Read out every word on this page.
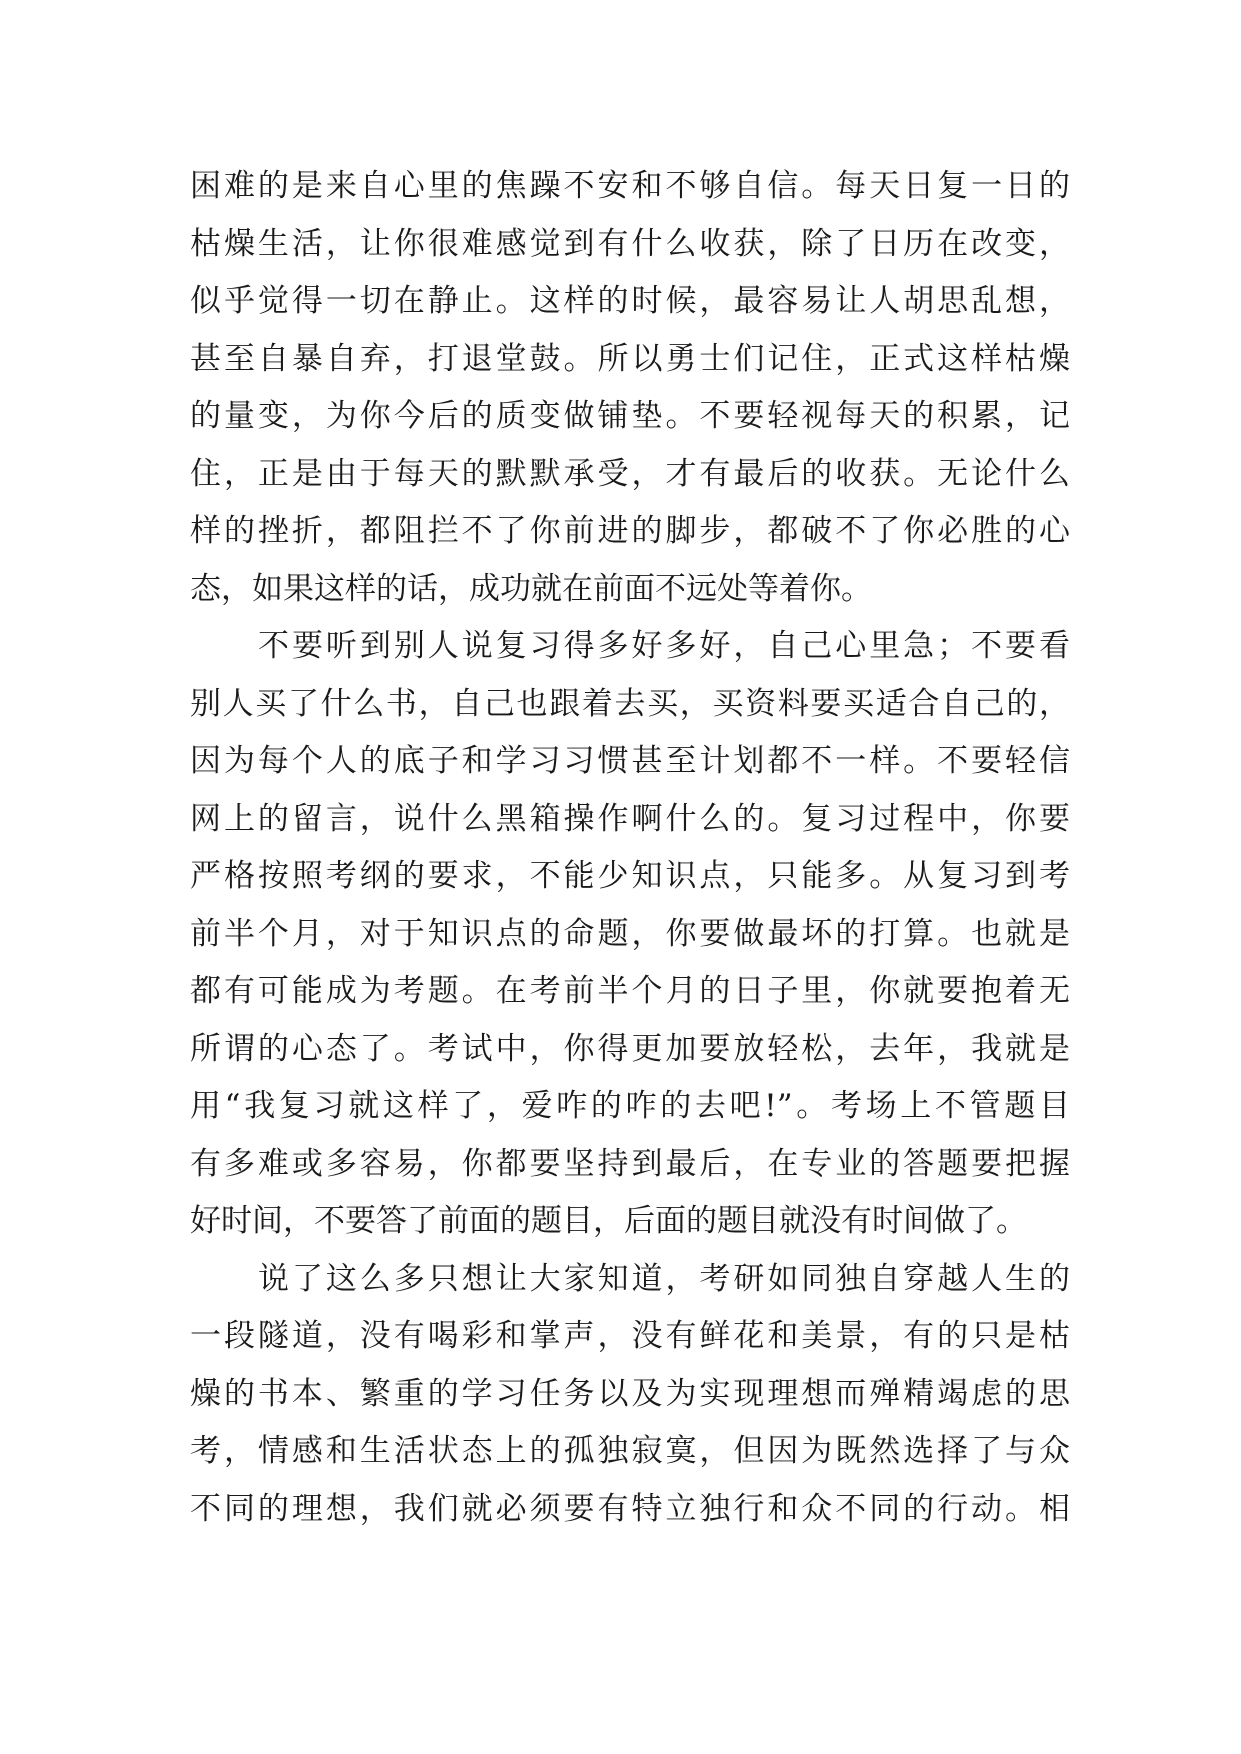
困难的是来自心里的焦躁不安和不够自信。每天日复一日的
枯燥生活，让你很难感觉到有什么收获，除了日历在改变，
似乎觉得一切在静止。这样的时候，最容易让人胡思乱想，
甚至自暴自弃，打退堂鼓。所以勇士们记住，正式这样枯燥
的量变，为你今后的质变做铺垫。不要轻视每天的积累，记
住，正是由于每天的默默承受，才有最后的收获。无论什么
样的挫折，都阻拦不了你前进的脚步，都破不了你必胜的心
态，如果这样的话，成功就在前面不远处等着你。
不要听到别人说复习得多好多好，自己心里急；不要看
别人买了什么书，自己也跟着去买，买资料要买适合自己的，
因为每个人的底子和学习习惯甚至计划都不一样。不要轻信
网上的留言，说什么黑箱操作啊什么的。复习过程中，你要
严格按照考纲的要求，不能少知识点，只能多。从复习到考
前半个月，对于知识点的命题，你要做最坏的打算。也就是
都有可能成为考题。在考前半个月的日子里，你就要抱着无
所谓的心态了。考试中，你得更加要放轻松，去年，我就是
用“我复习就这样了，爱咋的咋的去吧!”。考场上不管题目
有多难或多容易，你都要坚持到最后，在专业的答题要把握
好时间，不要答了前面的题目，后面的题目就没有时间做了。
说了这么多只想让大家知道，考研如同独自穿越人生的
一段隧道，没有喝彩和掌声，没有鲜花和美景，有的只是枯
燥的书本、繁重的学习任务以及为实现理想而殚精竭虑的思
考，情感和生活状态上的孤独寂寞，但因为既然选择了与众
不同的理想，我们就必须要有特立独行和众不同的行动。相
